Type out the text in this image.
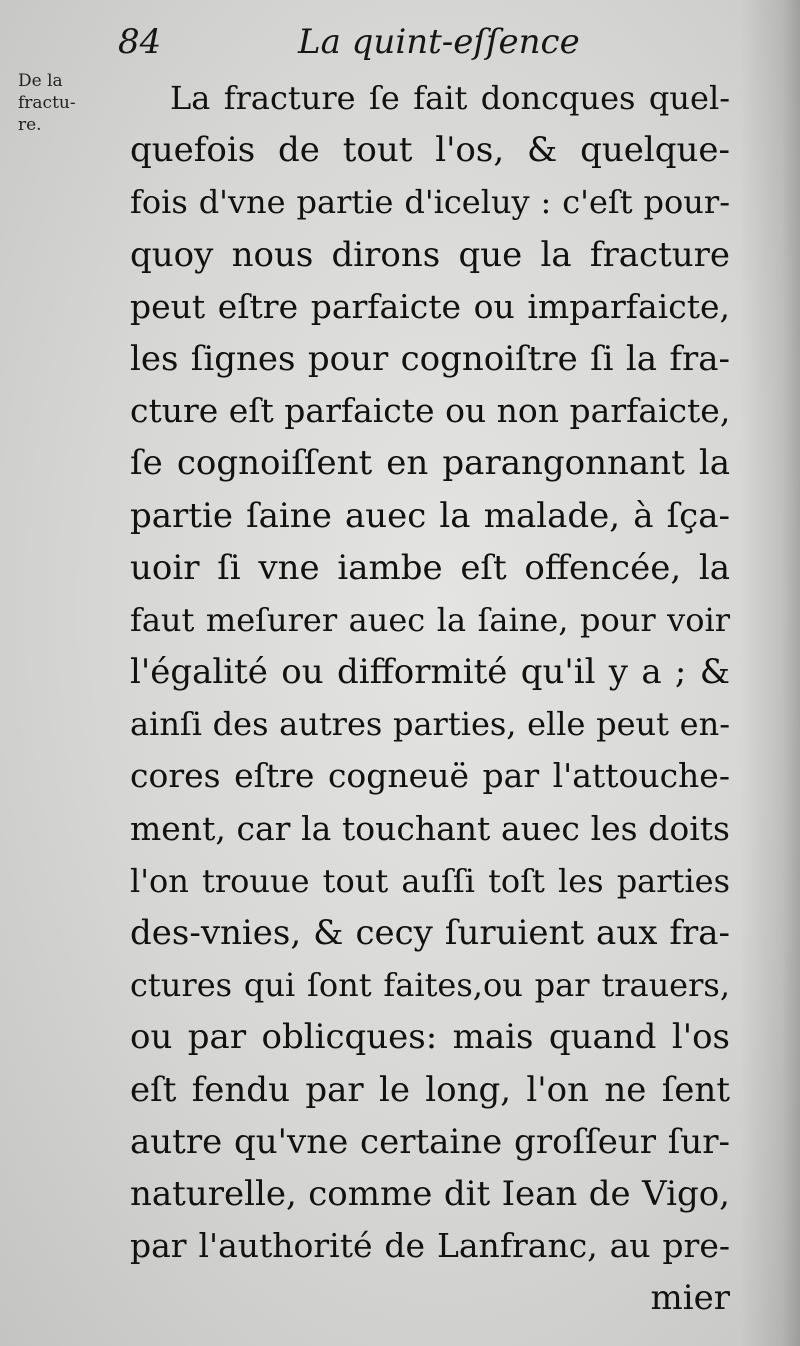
84	La quint-eſſence
De la
fractu-
re.
La fracture ſe fait doncques quel-
quefois de tout l'os, & quelque-
fois d'vne partie d'iceluy : c'eſt pour-
quoy nous dirons que la fracture
peut eſtre parfaicte ou imparfaicte,
les ſignes pour cognoiſtre ſi la fra-
cture eſt parfaicte ou non parfaicte,
ſe cognoiſſent en parangonnant la
partie ſaine auec la malade, à ſça-
uoir ſi vne iambe eſt offencée, la
faut meſurer auec la ſaine, pour voir
l'égalité ou difformité qu'il y a ; &
ainſi des autres parties, elle peut en-
cores eſtre cogneuë par l'attouche-
ment, car la touchant auec les doits
l'on trouue tout auſſi toſt les parties
des-vnies, & cecy ſuruient aux fra-
ctures qui ſont faites,ou par trauers,
ou par oblicques: mais quand l'os
eſt fendu par le long, l'on ne ſent
autre qu'vne certaine groſſeur ſur-
naturelle, comme dit Iean de Vigo,
par l'authorité de Lanfranc, au pre-
mier
